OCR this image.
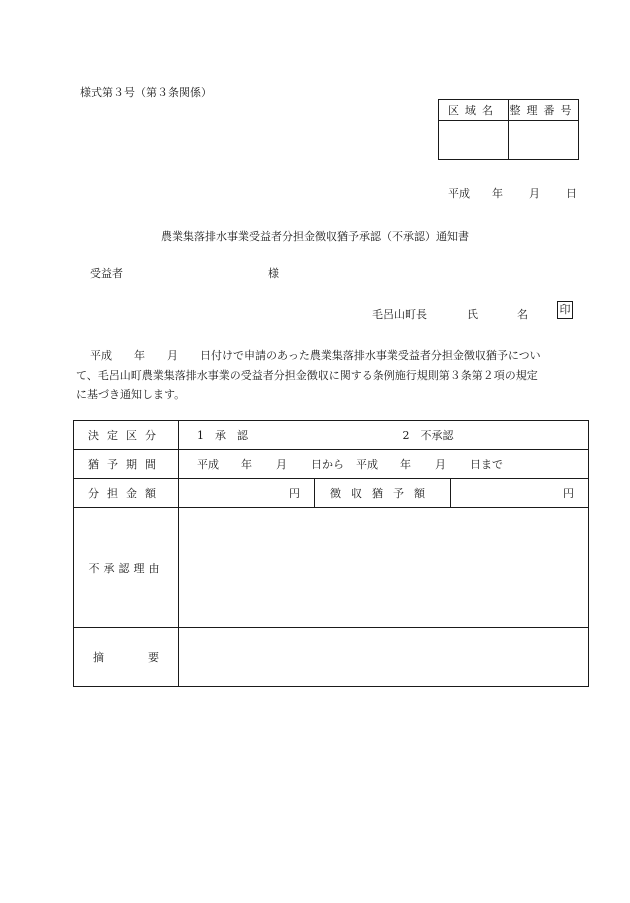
様式第３号（第３条関係）
区域名	整理番号

平成 年 月 日
農業集落排水事業受益者分担金徴収猶予承認（不承認）通知書
受益者	様
毛呂山町長	氏	名	印

平成　　年　　月　　日付けで申請のあった農業集落排水事業受益者分担金徴収猶予につい

て、毛呂山町農業集落排水事業の受益者分担金徴収に関する条例施行規則第３条第２項の規定

に基づき通知します。

決定区分	1　承　認	2　不承認	
猶予期間	平成 年 月 日から 平成 年 月 日まで		
分担金額	円	徴収猶予額	円
不承認理由			
摘　　　　要			
